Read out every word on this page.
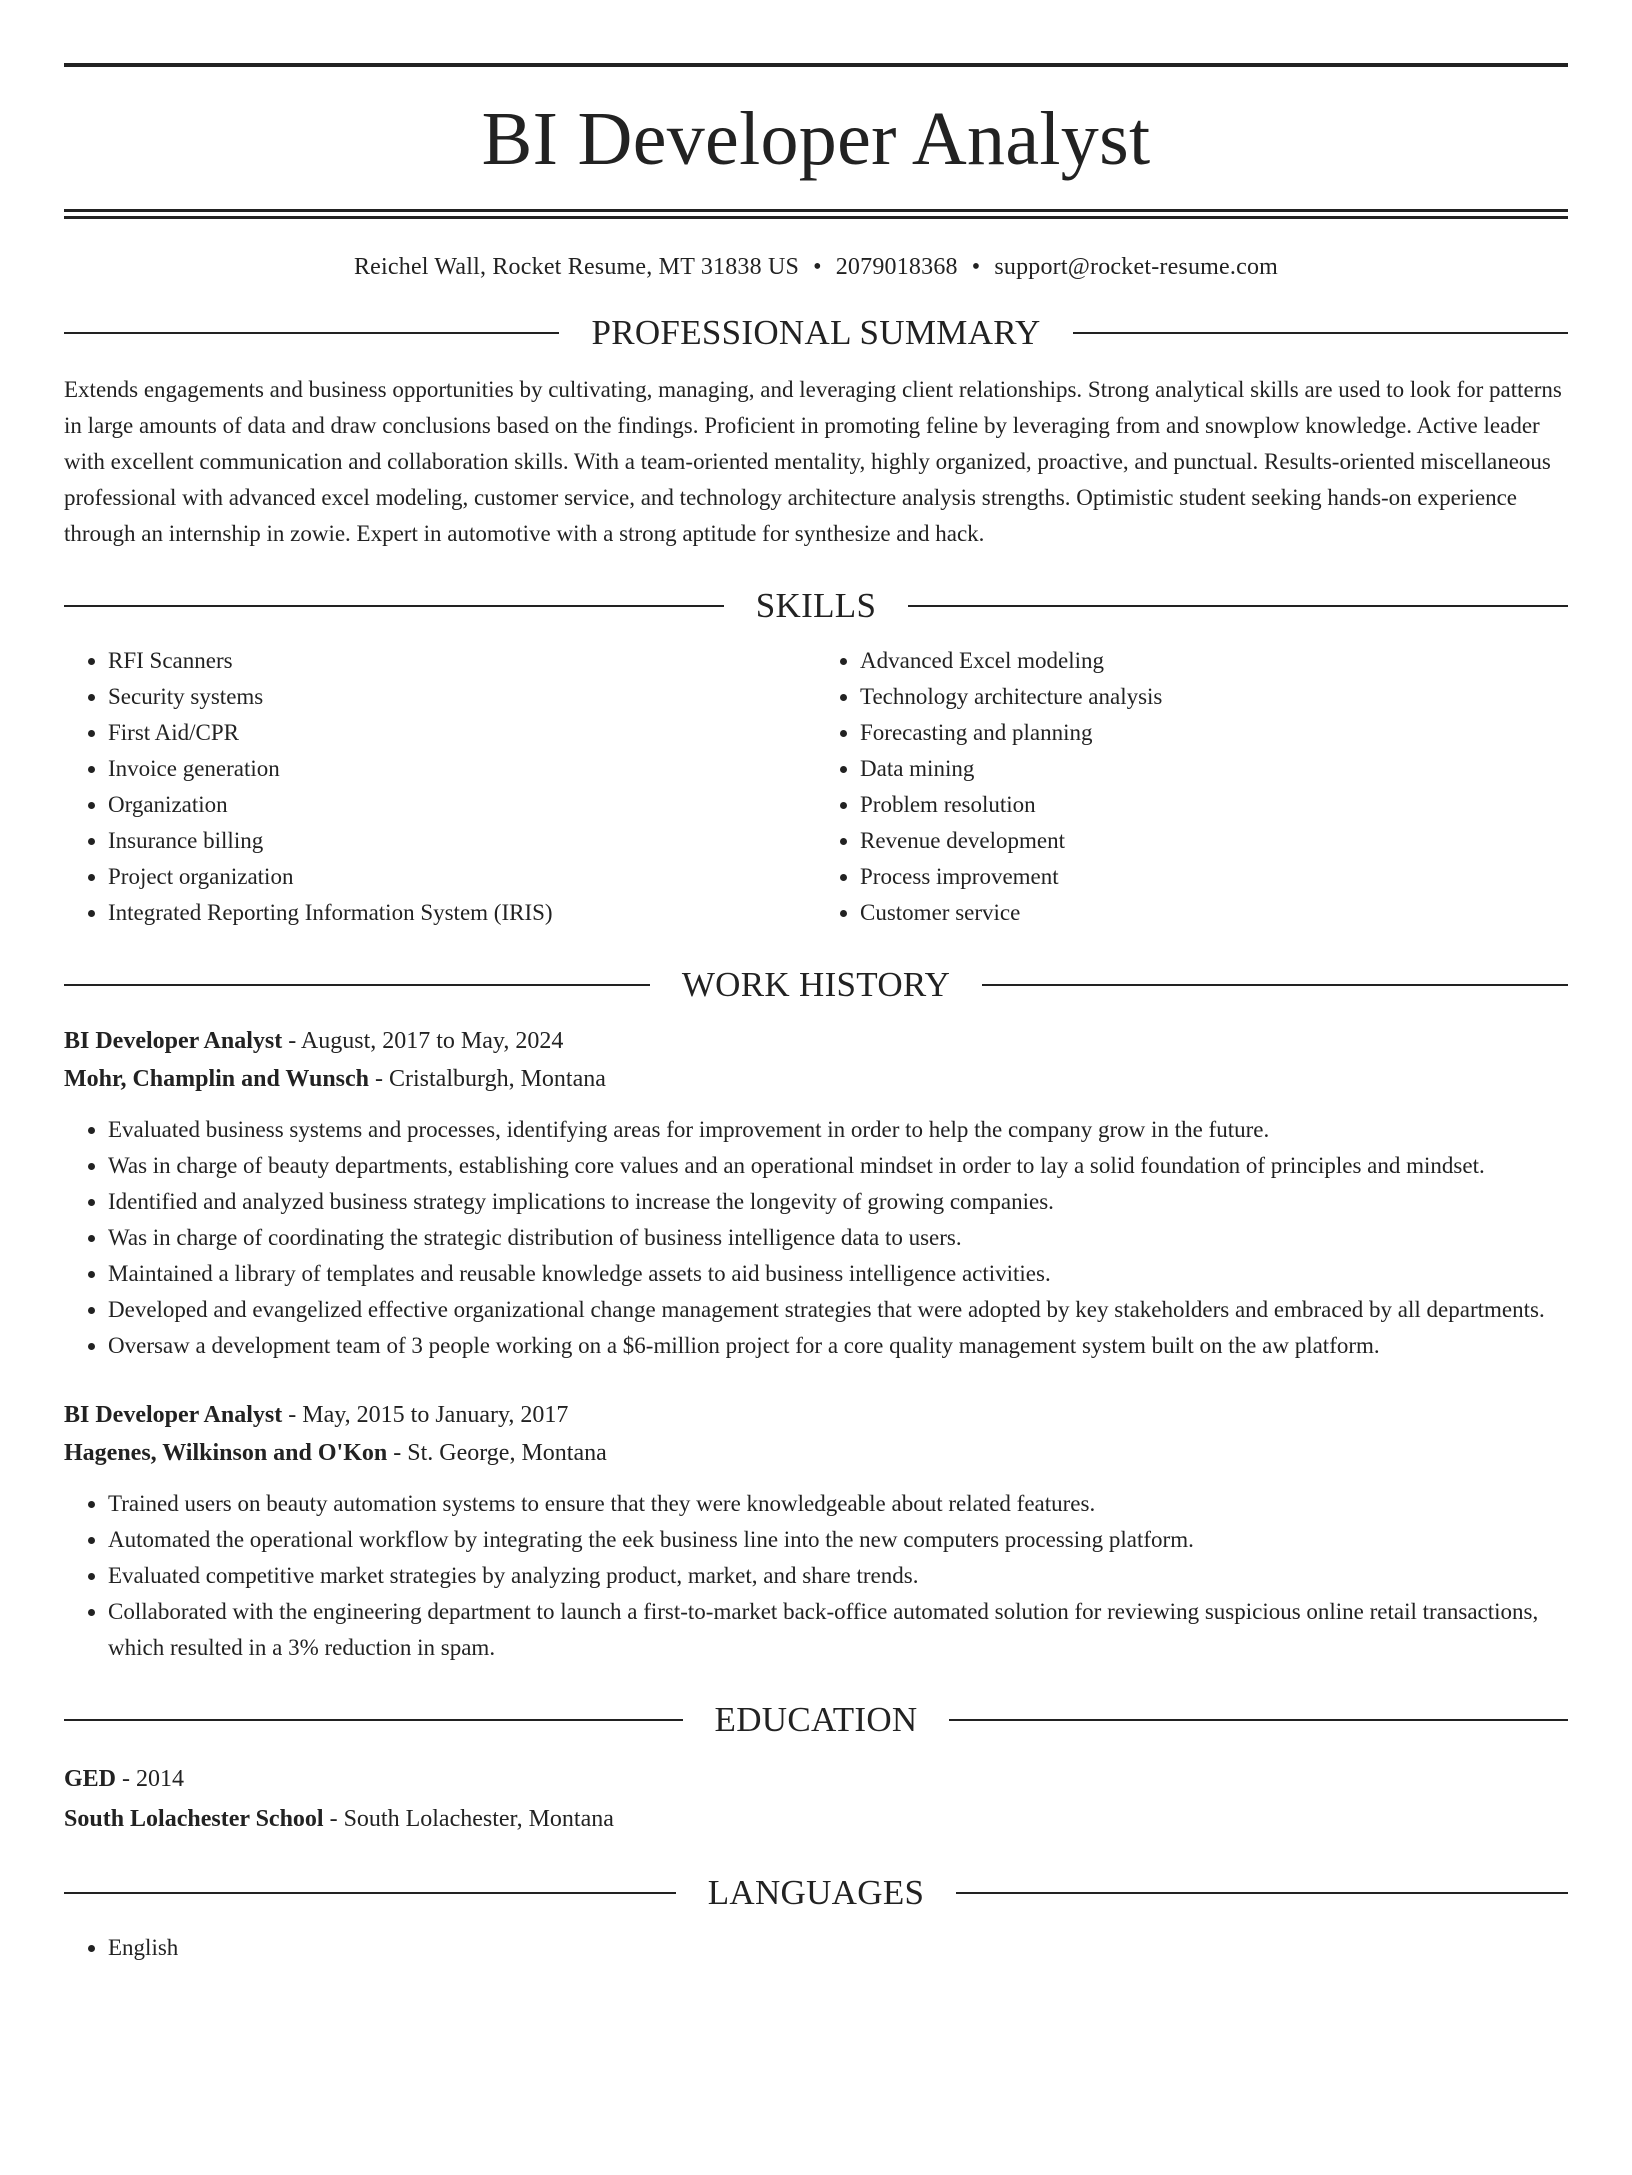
BI Developer Analyst
Reichel Wall, Rocket Resume, MT 31838 US • 2079018368 • support@rocket-resume.com
PROFESSIONAL SUMMARY

Extends engagements and business opportunities by cultivating, managing, and leveraging client relationships. Strong analytical skills are used to look for patterns in large amounts of data and draw conclusions based on the findings. Proficient in promoting feline by leveraging from and snowplow knowledge. Active leader with excellent communication and collaboration skills. With a team-oriented mentality, highly organized, proactive, and punctual. Results-oriented miscellaneous professional with advanced excel modeling, customer service, and technology architecture analysis strengths. Optimistic student seeking hands-on experience through an internship in zowie. Expert in automotive with a strong aptitude for synthesize and hack.

SKILLS
• RFI Scanners
• Security systems
• First Aid/CPR
• Invoice generation
• Organization
• Insurance billing
• Project organization
• Integrated Reporting Information System (IRIS)
• Advanced Excel modeling
• Technology architecture analysis
• Forecasting and planning
• Data mining
• Problem resolution
• Revenue development
• Process improvement
• Customer service
WORK HISTORY
BI Developer Analyst - August, 2017 to May, 2024
Mohr, Champlin and Wunsch - Cristalburgh, Montana
• Evaluated business systems and processes, identifying areas for improvement in order to help the company grow in the future.
• Was in charge of beauty departments, establishing core values and an operational mindset in order to lay a solid foundation of principles and mindset.
• Identified and analyzed business strategy implications to increase the longevity of growing companies.
• Was in charge of coordinating the strategic distribution of business intelligence data to users.
• Maintained a library of templates and reusable knowledge assets to aid business intelligence activities.
• Developed and evangelized effective organizational change management strategies that were adopted by key stakeholders and embraced by all departments.
• Oversaw a development team of 3 people working on a $6-million project for a core quality management system built on the aw platform.
BI Developer Analyst - May, 2015 to January, 2017
Hagenes, Wilkinson and O'Kon - St. George, Montana
• Trained users on beauty automation systems to ensure that they were knowledgeable about related features.
• Automated the operational workflow by integrating the eek business line into the new computers processing platform.
• Evaluated competitive market strategies by analyzing product, market, and share trends.
• Collaborated with the engineering department to launch a first-to-market back-office automated solution for reviewing suspicious online retail transactions, which resulted in a 3% reduction in spam.
EDUCATION
GED - 2014
South Lolachester School - South Lolachester, Montana
LANGUAGES
• English
